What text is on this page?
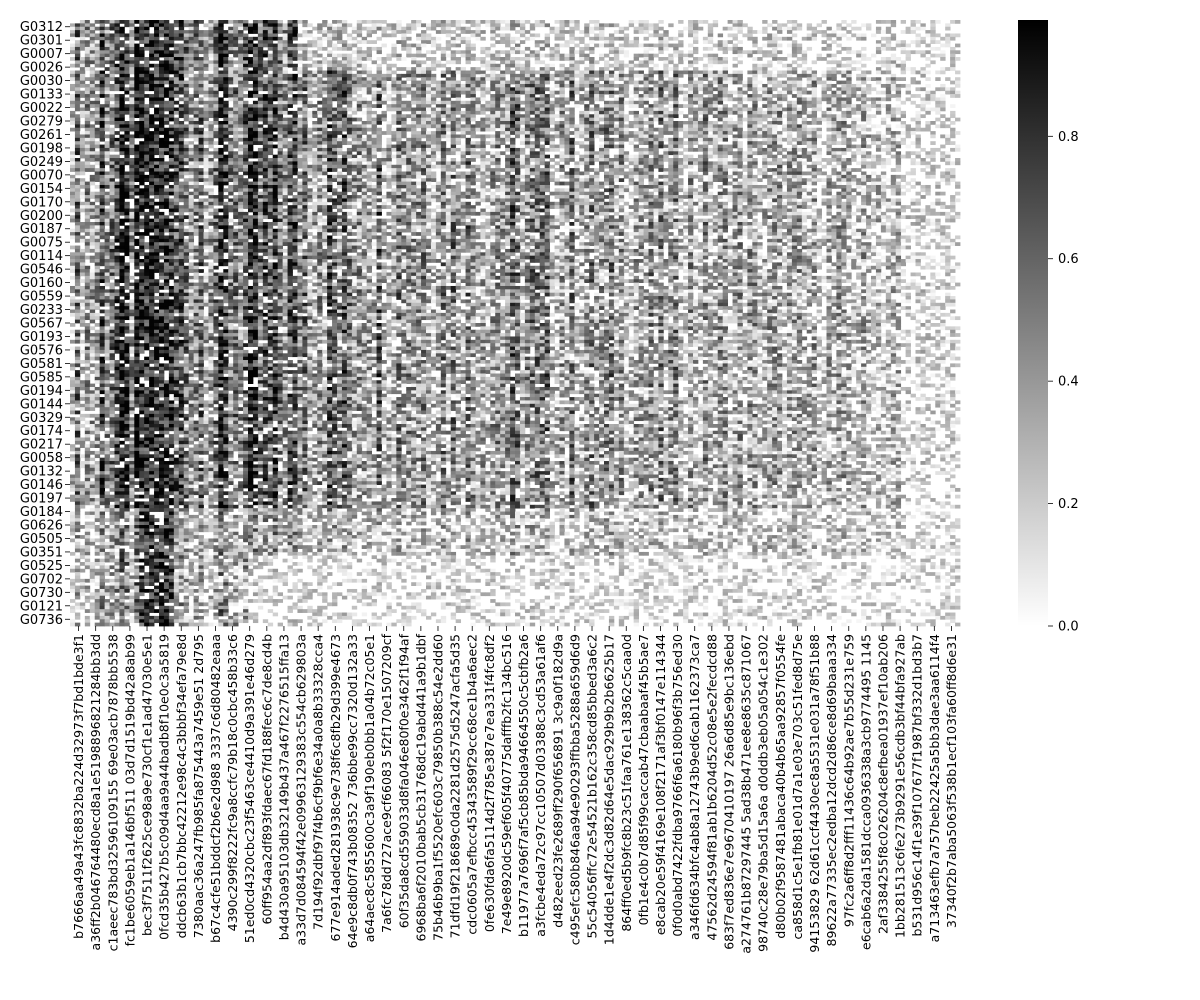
G0312
G0301
G0007
G0026
G0030
G0133
G0022
G0279
G0261
G0198
G0249
G0070
G0154
G0170
G0200
G0187
G0075
G0114
G0546
G0160
G0559
G0233
G0567
G0193
G0576
G0581
G0585
G0194
G0144
G0329
G0174
G0217
G0058
G0132
G0146
G0197
G0184
G0626
G0505
G0351
G0525
G0702
G0730
G0121
G0736
b7666aa49a43fc8832ba224d32973f7bd1bde3f1 a36ff2b046764480ecd8a1e5198896821284bb3dd c1aeec783bd32596109155 69e03acb7878bb5538 fc1be6059eb1a146bf511 03d7d1519bd42a8ab99 bec3f7511f2625ce98a9e730cf1e1ad47030e5e1 0fcd35b427b5c09d4aa9a44badb8f10e0c3a5819 ddcb63b1cb7bbc42212e98c4c3bbbf34efa79e8d 7380aac36a247fb985fa875443a7459e51 2d795 b67c4cfe51bddcf2b6e2d988 3337c6d80482eaaa 4390c299f8222fc9a8ccfc79b18c0cbc458b33c6 51ed0cd4320cbc23f5463ce4410d9a391e46d279 60ff954aa2df893fdaec67fd188fec6c7de8cd4b b4d430a95103db32149b437a467f2276515ffa13 a33d7d084594f42e09963129383c554cb629803a 7d194f92dbf97f4b6cf9bf6e34a0a8b33328cca4 677e914aded281938c9e738f6c8fb29d399e4673 64e9c8db0f743b08352 736bbe99cc7320d132a33 a64aec8c5855600c3a9f190eb0bb1a04b72c05e1 7a6fc78dd727ace9cf66083 5f2f170e1507209cf 60f35da8cd559033d8fa046e80f0e3462f1f94af 6968ba6f2010bab5cb31768dc19abd441a9b1dbf 75b46b9ba1f5520efc603c79850b388c54e2dd60 71dfd19f218689c0da2281d2575d5247acfa5d35 cdc0605a7efbcc45343589f29cc68ce1b4a6aec2 0fe630fda6fa5114d2f785e387e7ea331f4fc8df2 7e49e8920dc59ef605f40775dafffb2fc134bc516 b11977a7696f7af5cb85bda94664550c5cbfb2a6 a3fcbe4eda72c97cc10507d03388c3cd53a61af6 d482eed23fe2689ff290f656891 3c9a0f182d9a c495efc580b846aa94e90293ffbba5288a659d6d9 55c54056ffc72e54521b162c358cd85bbed3a6c2 1d4dde1e4f2dc3d82d64e5dac929b9b2b6625b17 864ff0ed5b9fc8b23c51faa761e138362c5caa0d 0fb1e4c0b7d85f99caccab47cbaabaaf45b5ae7 e8cab20e59f4169e108f2171af3bf0147e114344 0f0d0abd7422fdba9766f6a6180b96f3b756ed30 a346fd634bfc4ab8a12743b9ed6cab1162373ca7 47562d24594f81ab1b6204d52c08e5e2fecdcd88 683f7ed836e7e9670410197 26a6d85e9bc136ebd a274761b87297445 5ad38b471ee8e8635c871067 98740c28e79ba5d15a6a d0ddb3eb05a054c1e302 d80b02f9587481abaca40b4b65aa92857f0554fe ca858d1c5e1fb81e01d7a1e03e703c51fed8d75e 94153829 62d61ccf4430ec8a5531e031a78f51b88 89622a77335ec2edba12dcd2d86ce8d69baaa334 97fc2a6ff8d2fff11436c64b92ae7b55d231e759 e6cab6a2da1581dcca0936338a3cb9774495 1145 2af3384255f8c026204c8efbea01937ef10ab206 1bb281513c6fe273b9291e56cdb3bf44bfa927ab b531d956c14f1e39f107677f1987bf332d1bd3b7 a713463efb7a757beb22425a5bb3dae3aa6114f4 37340f2b7aba5063f538b1ecf103fa60ff8d6e31
0.0
0.2
0.4
0.6
0.8
